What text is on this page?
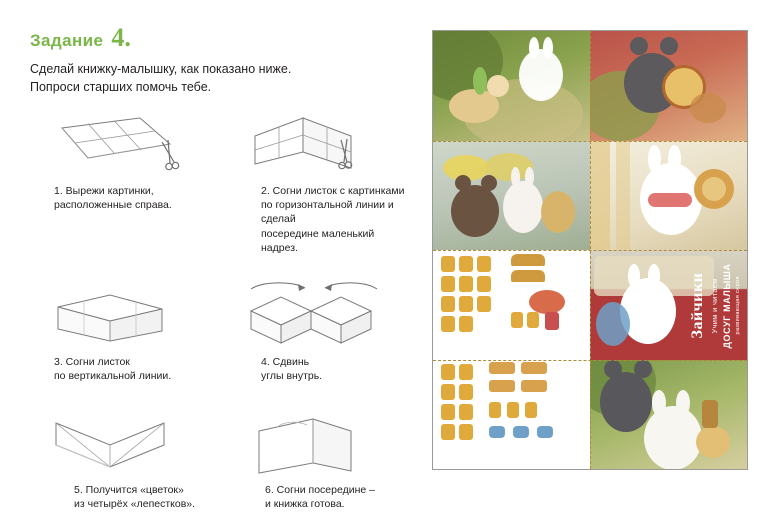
Задание 4.
Сделай книжку-малышку, как показано ниже.
Попроси старших помочь тебе.
1. Вырежи картинки,
расположенные справа.
2. Согни листок с картинками
по горизонтальной линии и сделай
посередине маленький надрез.
3. Согни листок
по вертикальной линии.
4. Сдвинь
углы внутрь.
5. Получится «цветок»
из четырёх «лепестков».
6. Согни посередине –
и книжка готова.
развивающая серия
ДОСУГ МАЛЫША
Учим и читаем
Зайчики
